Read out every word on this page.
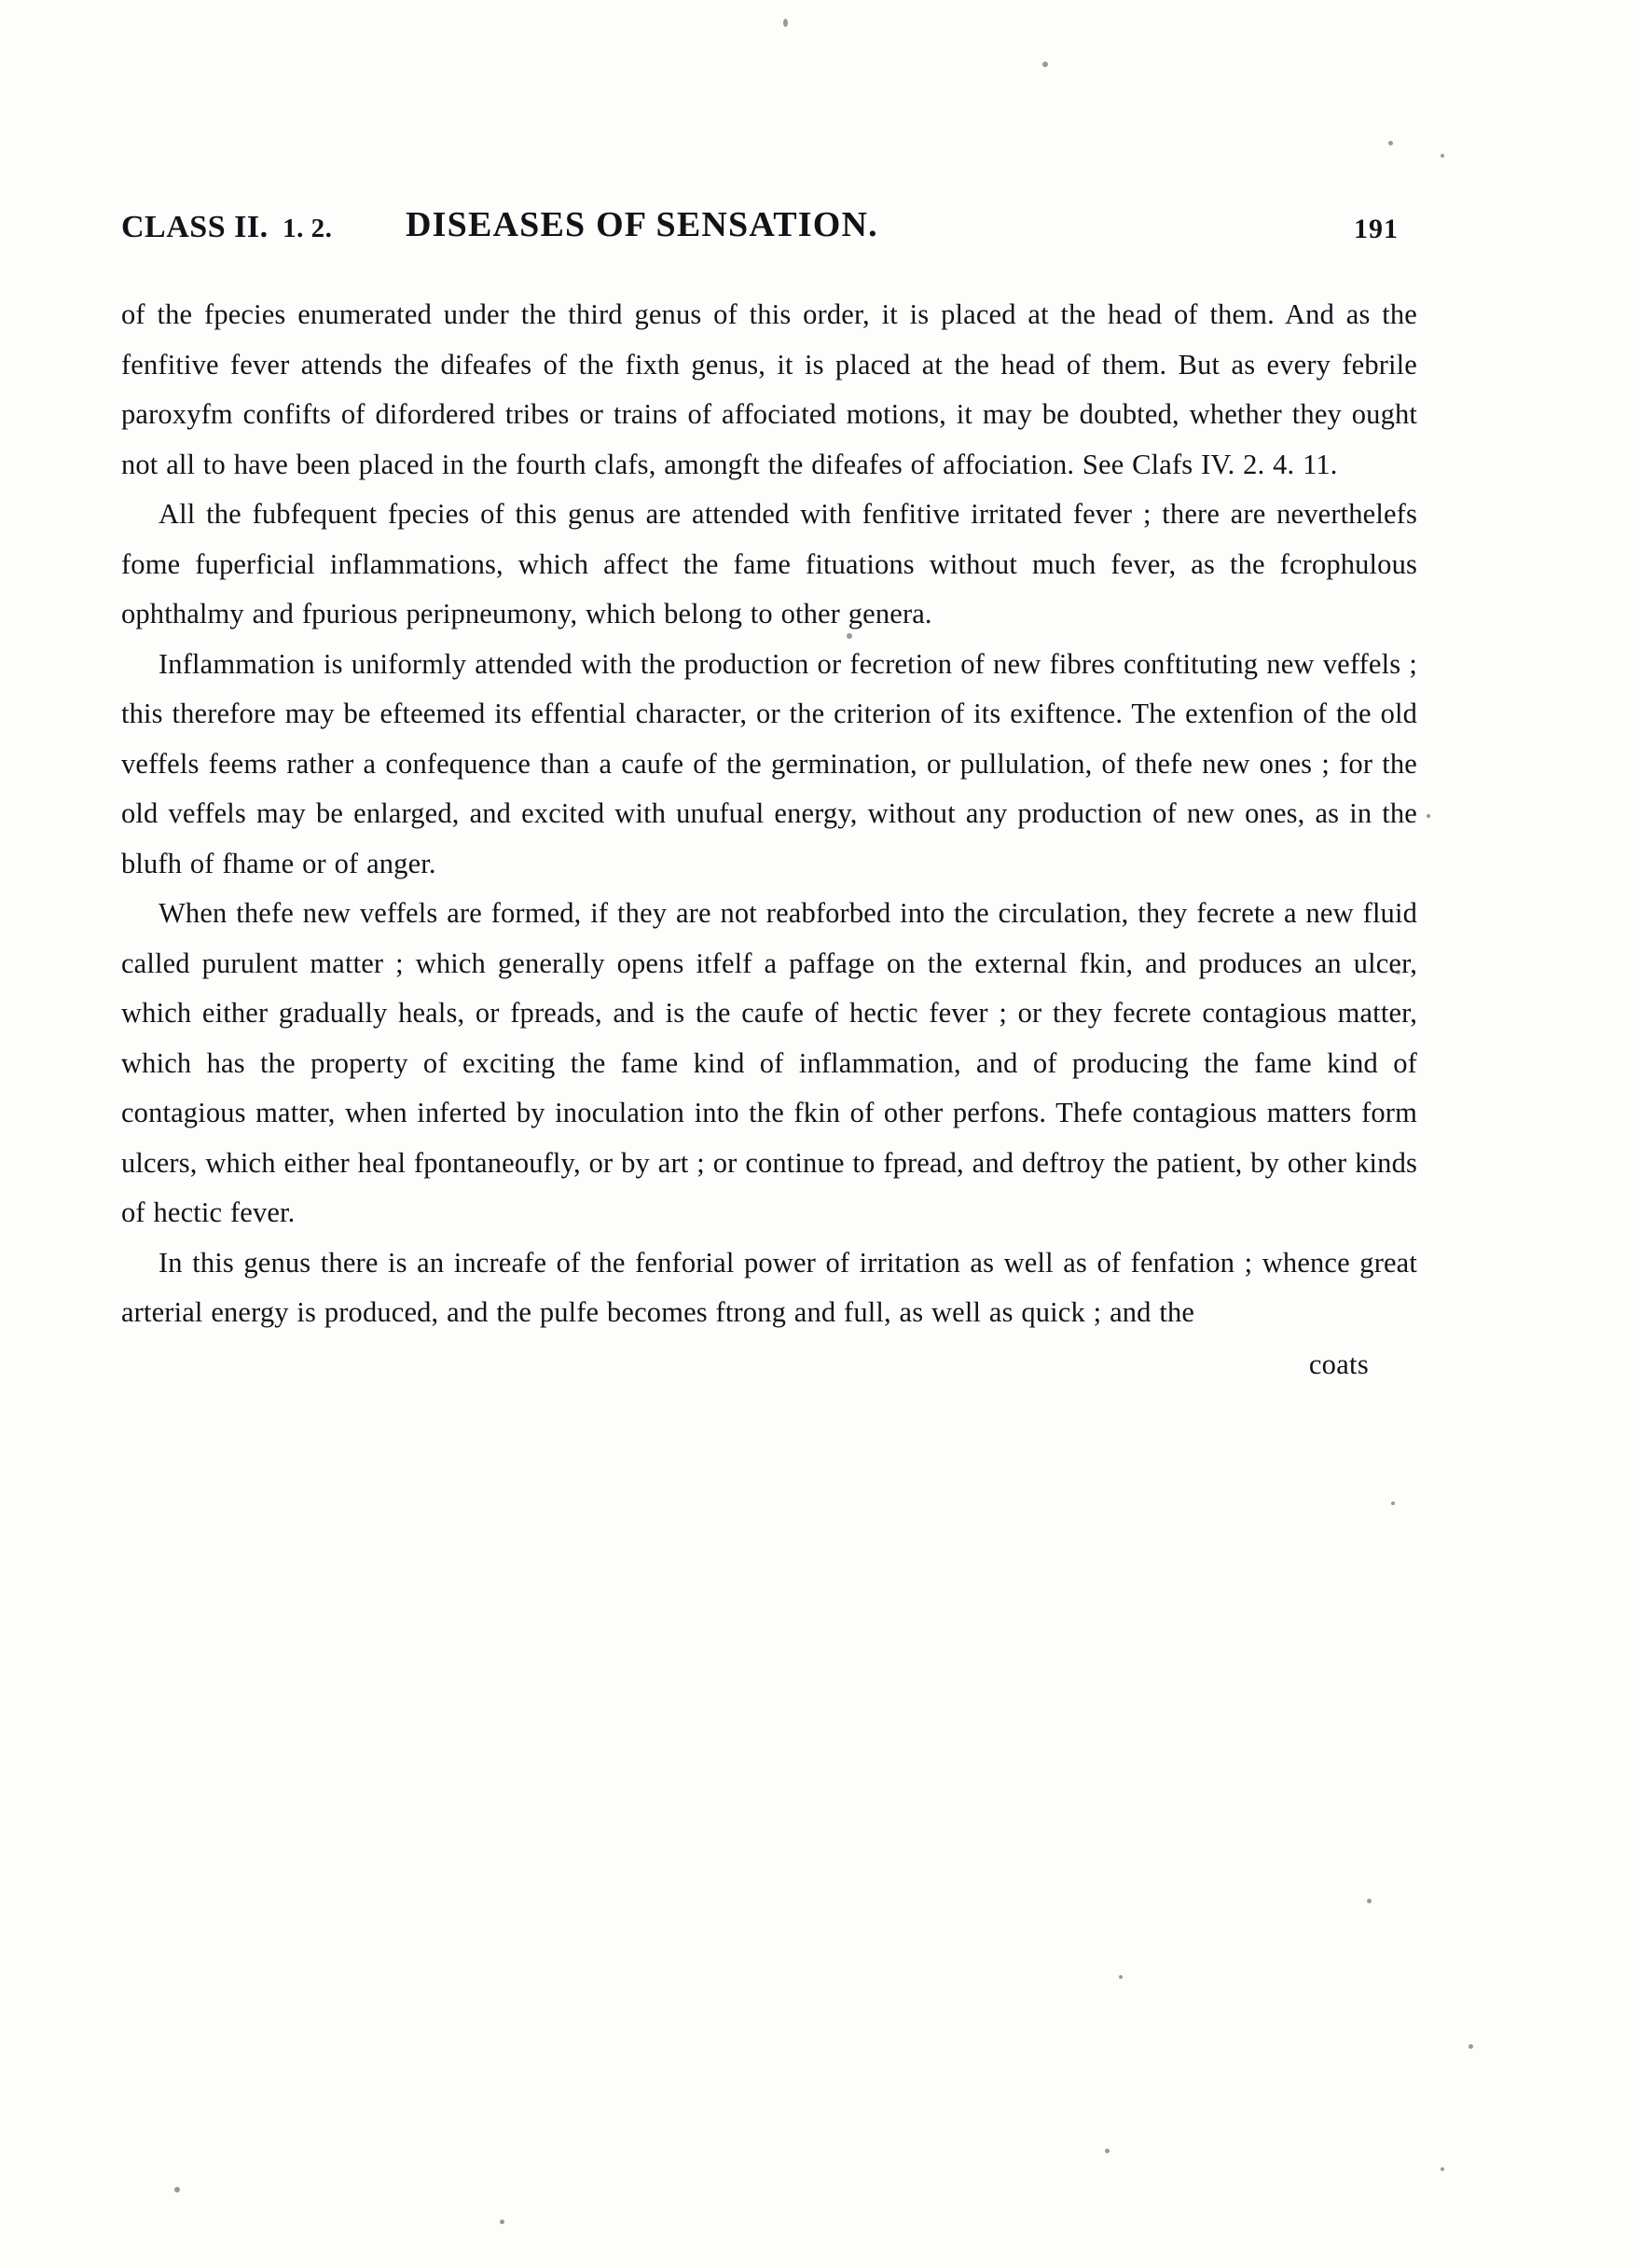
CLASS II. 1. 2. DISEASES OF SENSATION.	191

of the fpecies enumerated under the third genus of this order, it is placed at the head of them. And as the fenfitive fever attends the difeafes of the fixth genus, it is placed at the head of them. But as every febrile paroxyfm confifts of difordered tribes or trains of affociated motions, it may be doubted, whether they ought not all to have been placed in the fourth clafs, amongft the difeafes of affociation. See Clafs IV. 2. 4. 11.

All the fubfequent fpecies of this genus are attended with fenfitive irritated fever ; there are neverthelefs fome fuperficial inflammations, which affect the fame fituations without much fever, as the fcrophulous ophthalmy and fpurious peripneumony, which belong to other genera.

Inflammation is uniformly attended with the production or fecretion of new fibres conftituting new veffels ; this therefore may be efteemed its effential character, or the criterion of its exiftence. The extenfion of the old veffels feems rather a confequence than a caufe of the germination, or pullulation, of thefe new ones ; for the old veffels may be enlarged, and excited with unufual energy, without any production of new ones, as in the blufh of fhame or of anger.

When thefe new veffels are formed, if they are not reabforbed into the circulation, they fecrete a new fluid called purulent matter ; which generally opens itfelf a paffage on the external fkin, and produces an ulcer, which either gradually heals, or fpreads, and is the caufe of hectic fever ; or they fecrete contagious matter, which has the property of exciting the fame kind of inflammation, and of producing the fame kind of contagious matter, when inferted by inoculation into the fkin of other perfons. Thefe contagious matters form ulcers, which either heal fpontaneoufly, or by art ; or continue to fpread, and deftroy the patient, by other kinds of hectic fever.

In this genus there is an increafe of the fenforial power of irritation as well as of fenfation ; whence great arterial energy is produced, and the pulfe becomes ftrong and full, as well as quick ; and the

coats
